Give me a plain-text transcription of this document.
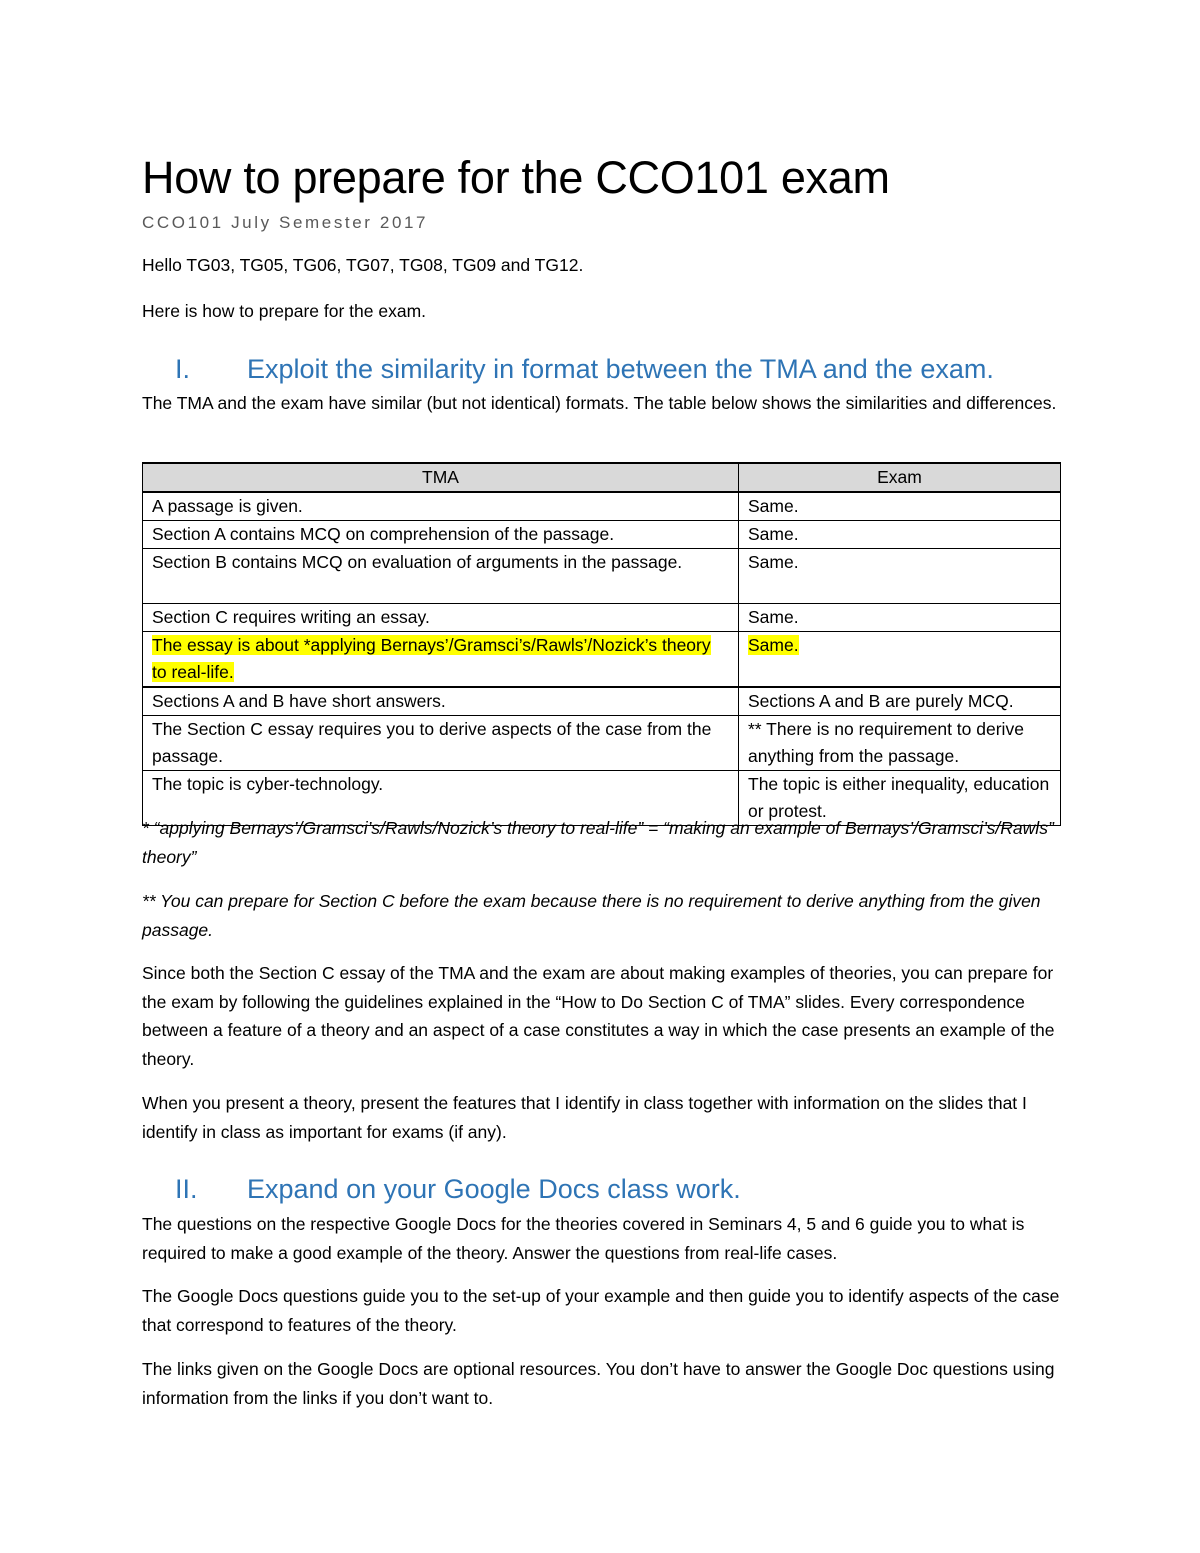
How to prepare for the CCO101 exam
CCO101 July Semester 2017
Hello TG03, TG05, TG06, TG07, TG08, TG09 and TG12.
Here is how to prepare for the exam.
I. Exploit the similarity in format between the TMA and the exam.
The TMA and the exam have similar (but not identical) formats. The table below shows the similarities and differences.
TMA	Exam
A passage is given.	Same.
Section A contains MCQ on comprehension of the passage.	Same.
Section B contains MCQ on evaluation of arguments in the passage.	Same.
Section C requires writing an essay.	Same.
The essay is about *applying Bernays’/Gramsci’s/Rawls’/Nozick’s theory to real-life.	Same.
Sections A and B have short answers.	Sections A and B are purely MCQ.
The Section C essay requires you to derive aspects of the case from the passage.	** There is no requirement to derive anything from the passage.
The topic is cyber-technology.	The topic is either inequality, education or protest.
* “applying Bernays’/Gramsci’s/Rawls/Nozick’s theory to real-life” = “making an example of Bernays’/Gramsci’s/Rawls” theory”
** You can prepare for Section C before the exam because there is no requirement to derive anything from the given passage.
Since both the Section C essay of the TMA and the exam are about making examples of theories, you can prepare for the exam by following the guidelines explained in the “How to Do Section C of TMA” slides. Every correspondence between a feature of a theory and an aspect of a case constitutes a way in which the case presents an example of the theory.
When you present a theory, present the features that I identify in class together with information on the slides that I identify in class as important for exams (if any).
II. Expand on your Google Docs class work.
The questions on the respective Google Docs for the theories covered in Seminars 4, 5 and 6 guide you to what is required to make a good example of the theory. Answer the questions from real-life cases.
The Google Docs questions guide you to the set-up of your example and then guide you to identify aspects of the case that correspond to features of the theory.
The links given on the Google Docs are optional resources. You don’t have to answer the Google Doc questions using information from the links if you don’t want to.
